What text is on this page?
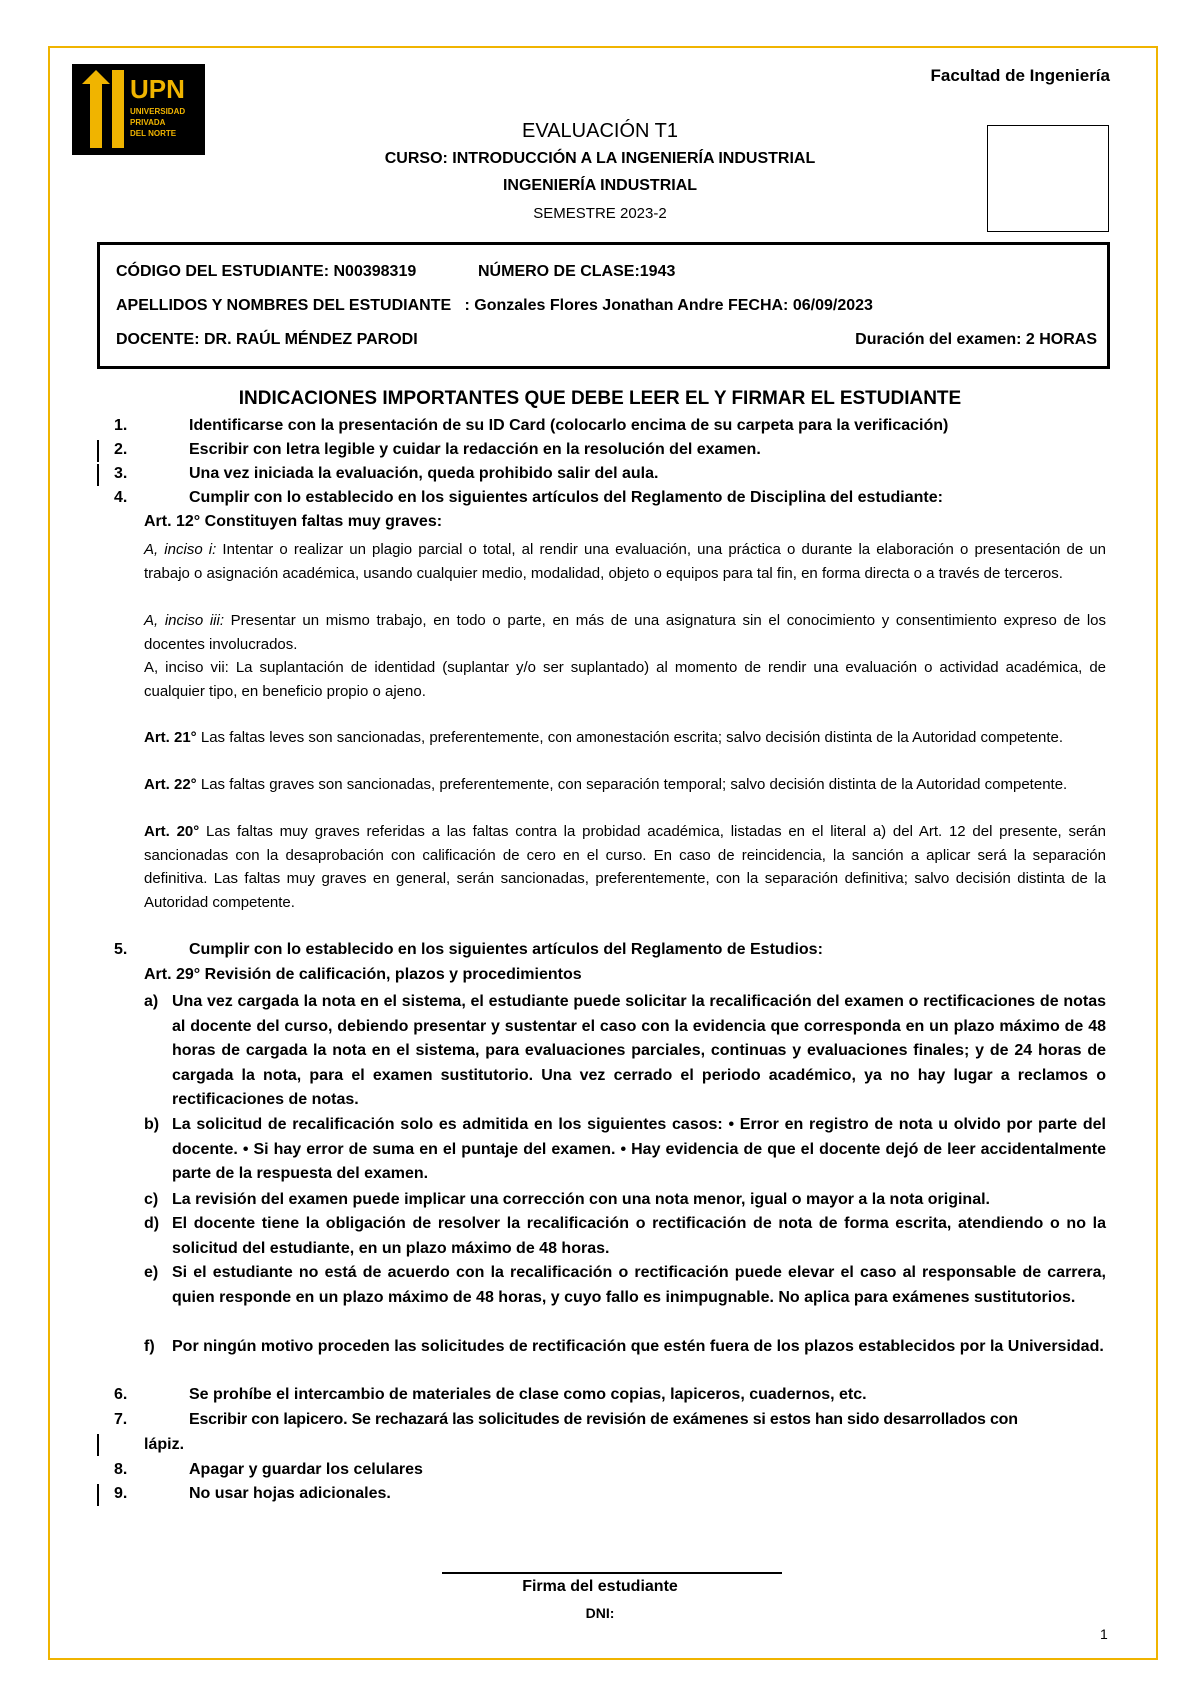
UPN
UNIVERSIDAD
PRIVADA
DEL NORTE
Facultad de Ingeniería
EVALUACIÓN T1
CURSO: INTRODUCCIÓN A LA INGENIERÍA INDUSTRIAL
INGENIERÍA INDUSTRIAL
SEMESTRE 2023-2
CÓDIGO DEL ESTUDIANTE: N00398319	NÚMERO DE CLASE:1943
APELLIDOS Y NOMBRES DEL ESTUDIANTE   : Gonzales Flores Jonathan Andre FECHA: 06/09/2023
DOCENTE: DR. RAÚL MÉNDEZ PARODI	Duración del examen: 2 HORAS
INDICACIONES IMPORTANTES QUE DEBE LEER EL Y FIRMAR EL ESTUDIANTE
1.	Identificarse con la presentación de su ID Card (colocarlo encima de su carpeta para la verificación)
2.	Escribir con letra legible y cuidar la redacción en la resolución del examen.
3.	Una vez iniciada la evaluación, queda prohibido salir del aula.
4.	Cumplir con lo establecido en los siguientes artículos del Reglamento de Disciplina del estudiante:
Art. 12° Constituyen faltas muy graves:
A, inciso i: Intentar o realizar un plagio parcial o total, al rendir una evaluación, una práctica o durante la elaboración o presentación de un trabajo o asignación académica, usando cualquier medio, modalidad, objeto o equipos para tal fin, en forma directa o a través de terceros.
A, inciso iii: Presentar un mismo trabajo, en todo o parte, en más de una asignatura sin el conocimiento y consentimiento expreso de los docentes involucrados.
A, inciso vii: La suplantación de identidad (suplantar y/o ser suplantado) al momento de rendir una evaluación o actividad académica, de cualquier tipo, en beneficio propio o ajeno.
Art. 21° Las faltas leves son sancionadas, preferentemente, con amonestación escrita; salvo decisión distinta de la Autoridad competente.
Art. 22° Las faltas graves son sancionadas, preferentemente, con separación temporal; salvo decisión distinta de la Autoridad competente.
Art. 20° Las faltas muy graves referidas a las faltas contra la probidad académica, listadas en el literal a) del Art. 12 del presente, serán sancionadas con la desaprobación con calificación de cero en el curso. En caso de reincidencia, la sanción a aplicar será la separación definitiva. Las faltas muy graves en general, serán sancionadas, preferentemente, con la separación definitiva; salvo decisión distinta de la Autoridad competente.
5.	Cumplir con lo establecido en los siguientes artículos del Reglamento de Estudios:
Art. 29° Revisión de calificación, plazos y procedimientos
a) Una vez cargada la nota en el sistema, el estudiante puede solicitar la recalificación del examen o rectificaciones de notas al docente del curso, debiendo presentar y sustentar el caso con la evidencia que corresponda en un plazo máximo de 48 horas de cargada la nota en el sistema, para evaluaciones parciales, continuas y evaluaciones finales; y de 24 horas de cargada la nota, para el examen sustitutorio. Una vez cerrado el periodo académico, ya no hay lugar a reclamos o rectificaciones de notas.
b) La solicitud de recalificación solo es admitida en los siguientes casos: • Error en registro de nota u olvido por parte del docente. • Si hay error de suma en el puntaje del examen. • Hay evidencia de que el docente dejó de leer accidentalmente parte de la respuesta del examen.
c) La revisión del examen puede implicar una corrección con una nota menor, igual o mayor a la nota original.
d) El docente tiene la obligación de resolver la recalificación o rectificación de nota de forma escrita, atendiendo o no la solicitud del estudiante, en un plazo máximo de 48 horas.
e) Si el estudiante no está de acuerdo con la recalificación o rectificación puede elevar el caso al responsable de carrera, quien responde en un plazo máximo de 48 horas, y cuyo fallo es inimpugnable. No aplica para exámenes sustitutorios.
f) Por ningún motivo proceden las solicitudes de rectificación que estén fuera de los plazos establecidos por la Universidad.
6.	Se prohíbe el intercambio de materiales de clase como copias, lapiceros, cuadernos, etc.
7.	Escribir con lapicero. Se rechazará las solicitudes de revisión de exámenes si estos han sido desarrollados con
lápiz.
8.	Apagar y guardar los celulares
9.	No usar hojas adicionales.
Firma del estudiante
DNI:
1
